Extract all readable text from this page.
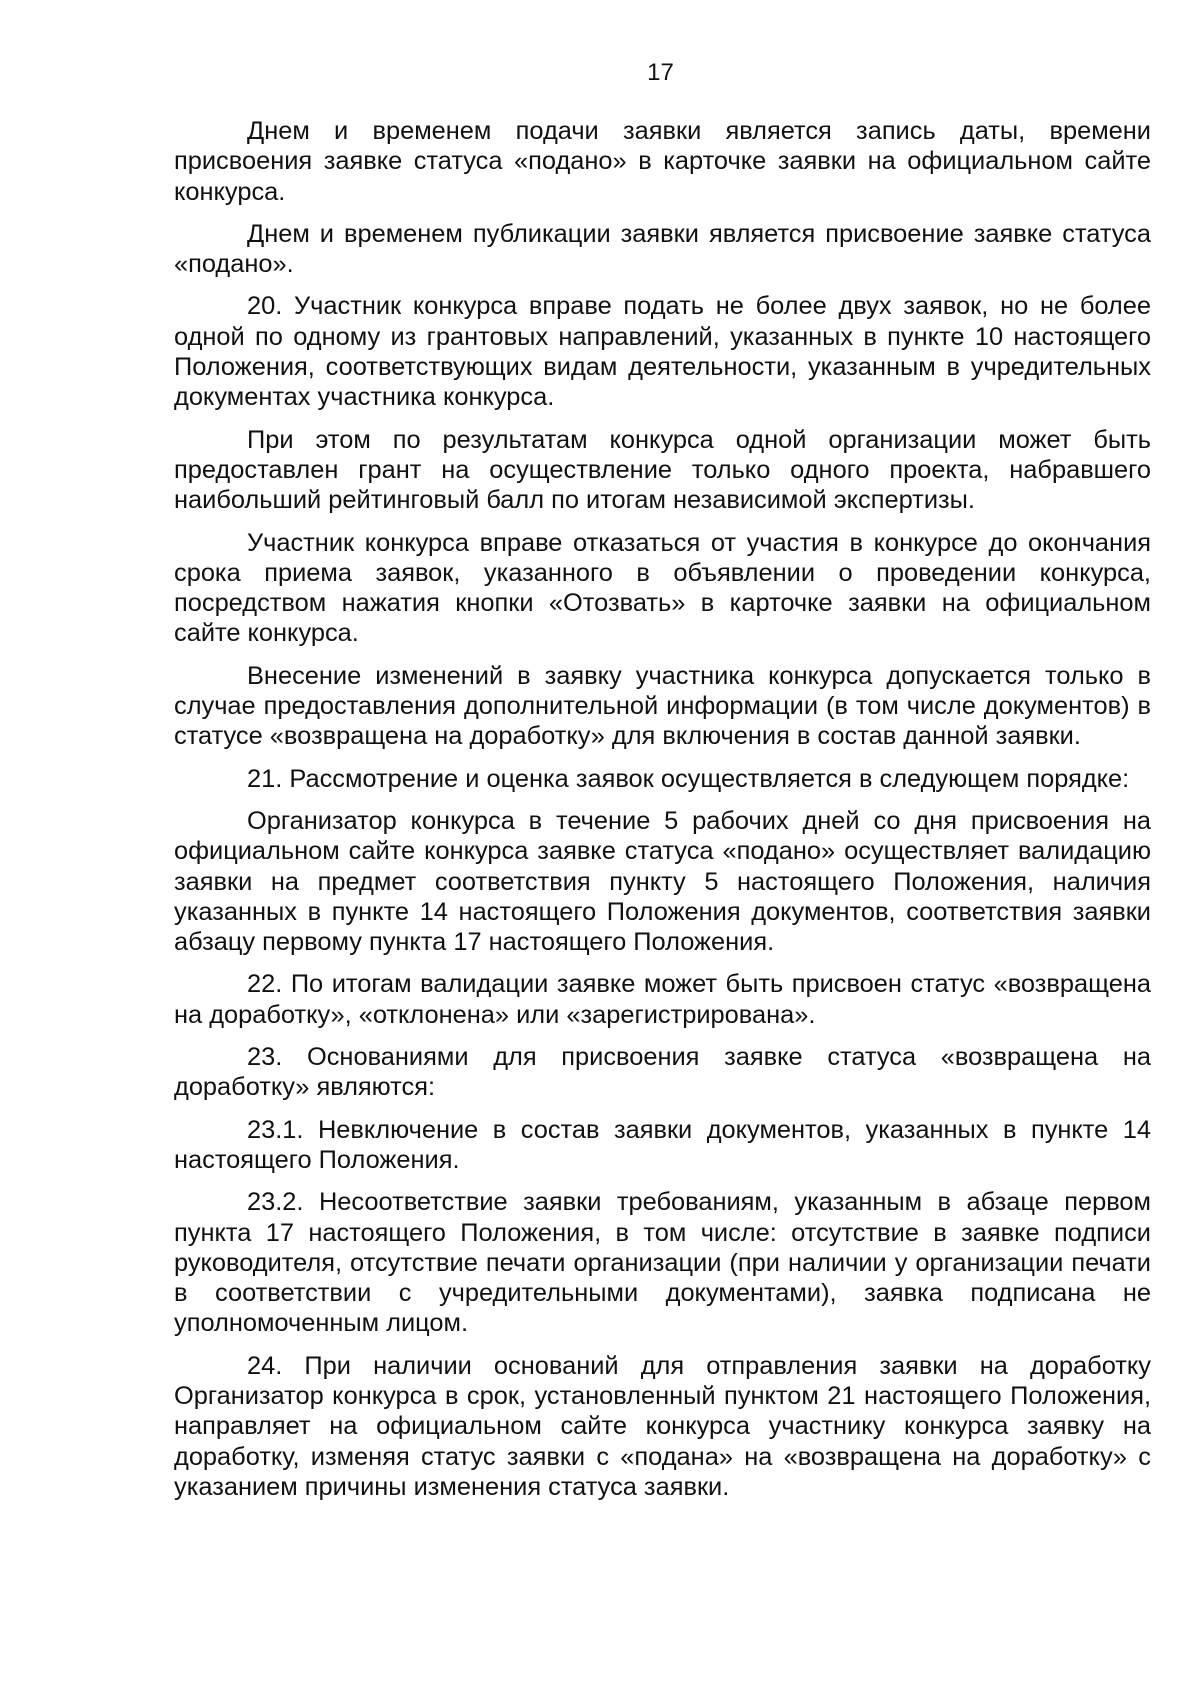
17

Днем и временем подачи заявки является запись даты, времени присвоения заявке статуса «подано» в карточке заявки на официальном сайте конкурса.

Днем и временем публикации заявки является присвоение заявке статуса «подано».

20. Участник конкурса вправе подать не более двух заявок, но не более одной по одному из грантовых направлений, указанных в пункте 10 настоящего Положения, соответствующих видам деятельности, указанным в учредительных документах участника конкурса.

При этом по результатам конкурса одной организации может быть предоставлен грант на осуществление только одного проекта, набравшего наибольший рейтинговый балл по итогам независимой экспертизы.

Участник конкурса вправе отказаться от участия в конкурсе до окончания срока приема заявок, указанного в объявлении о проведении конкурса, посредством нажатия кнопки «Отозвать» в карточке заявки на официальном сайте конкурса.

Внесение изменений в заявку участника конкурса допускается только в случае предоставления дополнительной информации (в том числе документов) в статусе «возвращена на доработку» для включения в состав данной заявки.

21. Рассмотрение и оценка заявок осуществляется в следующем порядке:

Организатор конкурса в течение 5 рабочих дней со дня присвоения на официальном сайте конкурса заявке статуса «подано» осуществляет валидацию заявки на предмет соответствия пункту 5 настоящего Положения, наличия указанных в пункте 14 настоящего Положения документов, соответствия заявки абзацу первому пункта 17 настоящего Положения.

22. По итогам валидации заявке может быть присвоен статус «возвращена на доработку», «отклонена» или «зарегистрирована».

23. Основаниями для присвоения заявке статуса «возвращена на доработку» являются:

23.1. Невключение в состав заявки документов, указанных в пункте 14 настоящего Положения.

23.2. Несоответствие заявки требованиям, указанным в абзаце первом пункта 17 настоящего Положения, в том числе: отсутствие в заявке подписи руководителя, отсутствие печати организации (при наличии у организации печати в соответствии с учредительными документами), заявка подписана не уполномоченным лицом.

24. При наличии оснований для отправления заявки на доработку Организатор конкурса в срок, установленный пунктом 21 настоящего Положения, направляет на официальном сайте конкурса участнику конкурса заявку на доработку, изменяя статус заявки с «подана» на «возвращена на доработку» с указанием причины изменения статуса заявки.
